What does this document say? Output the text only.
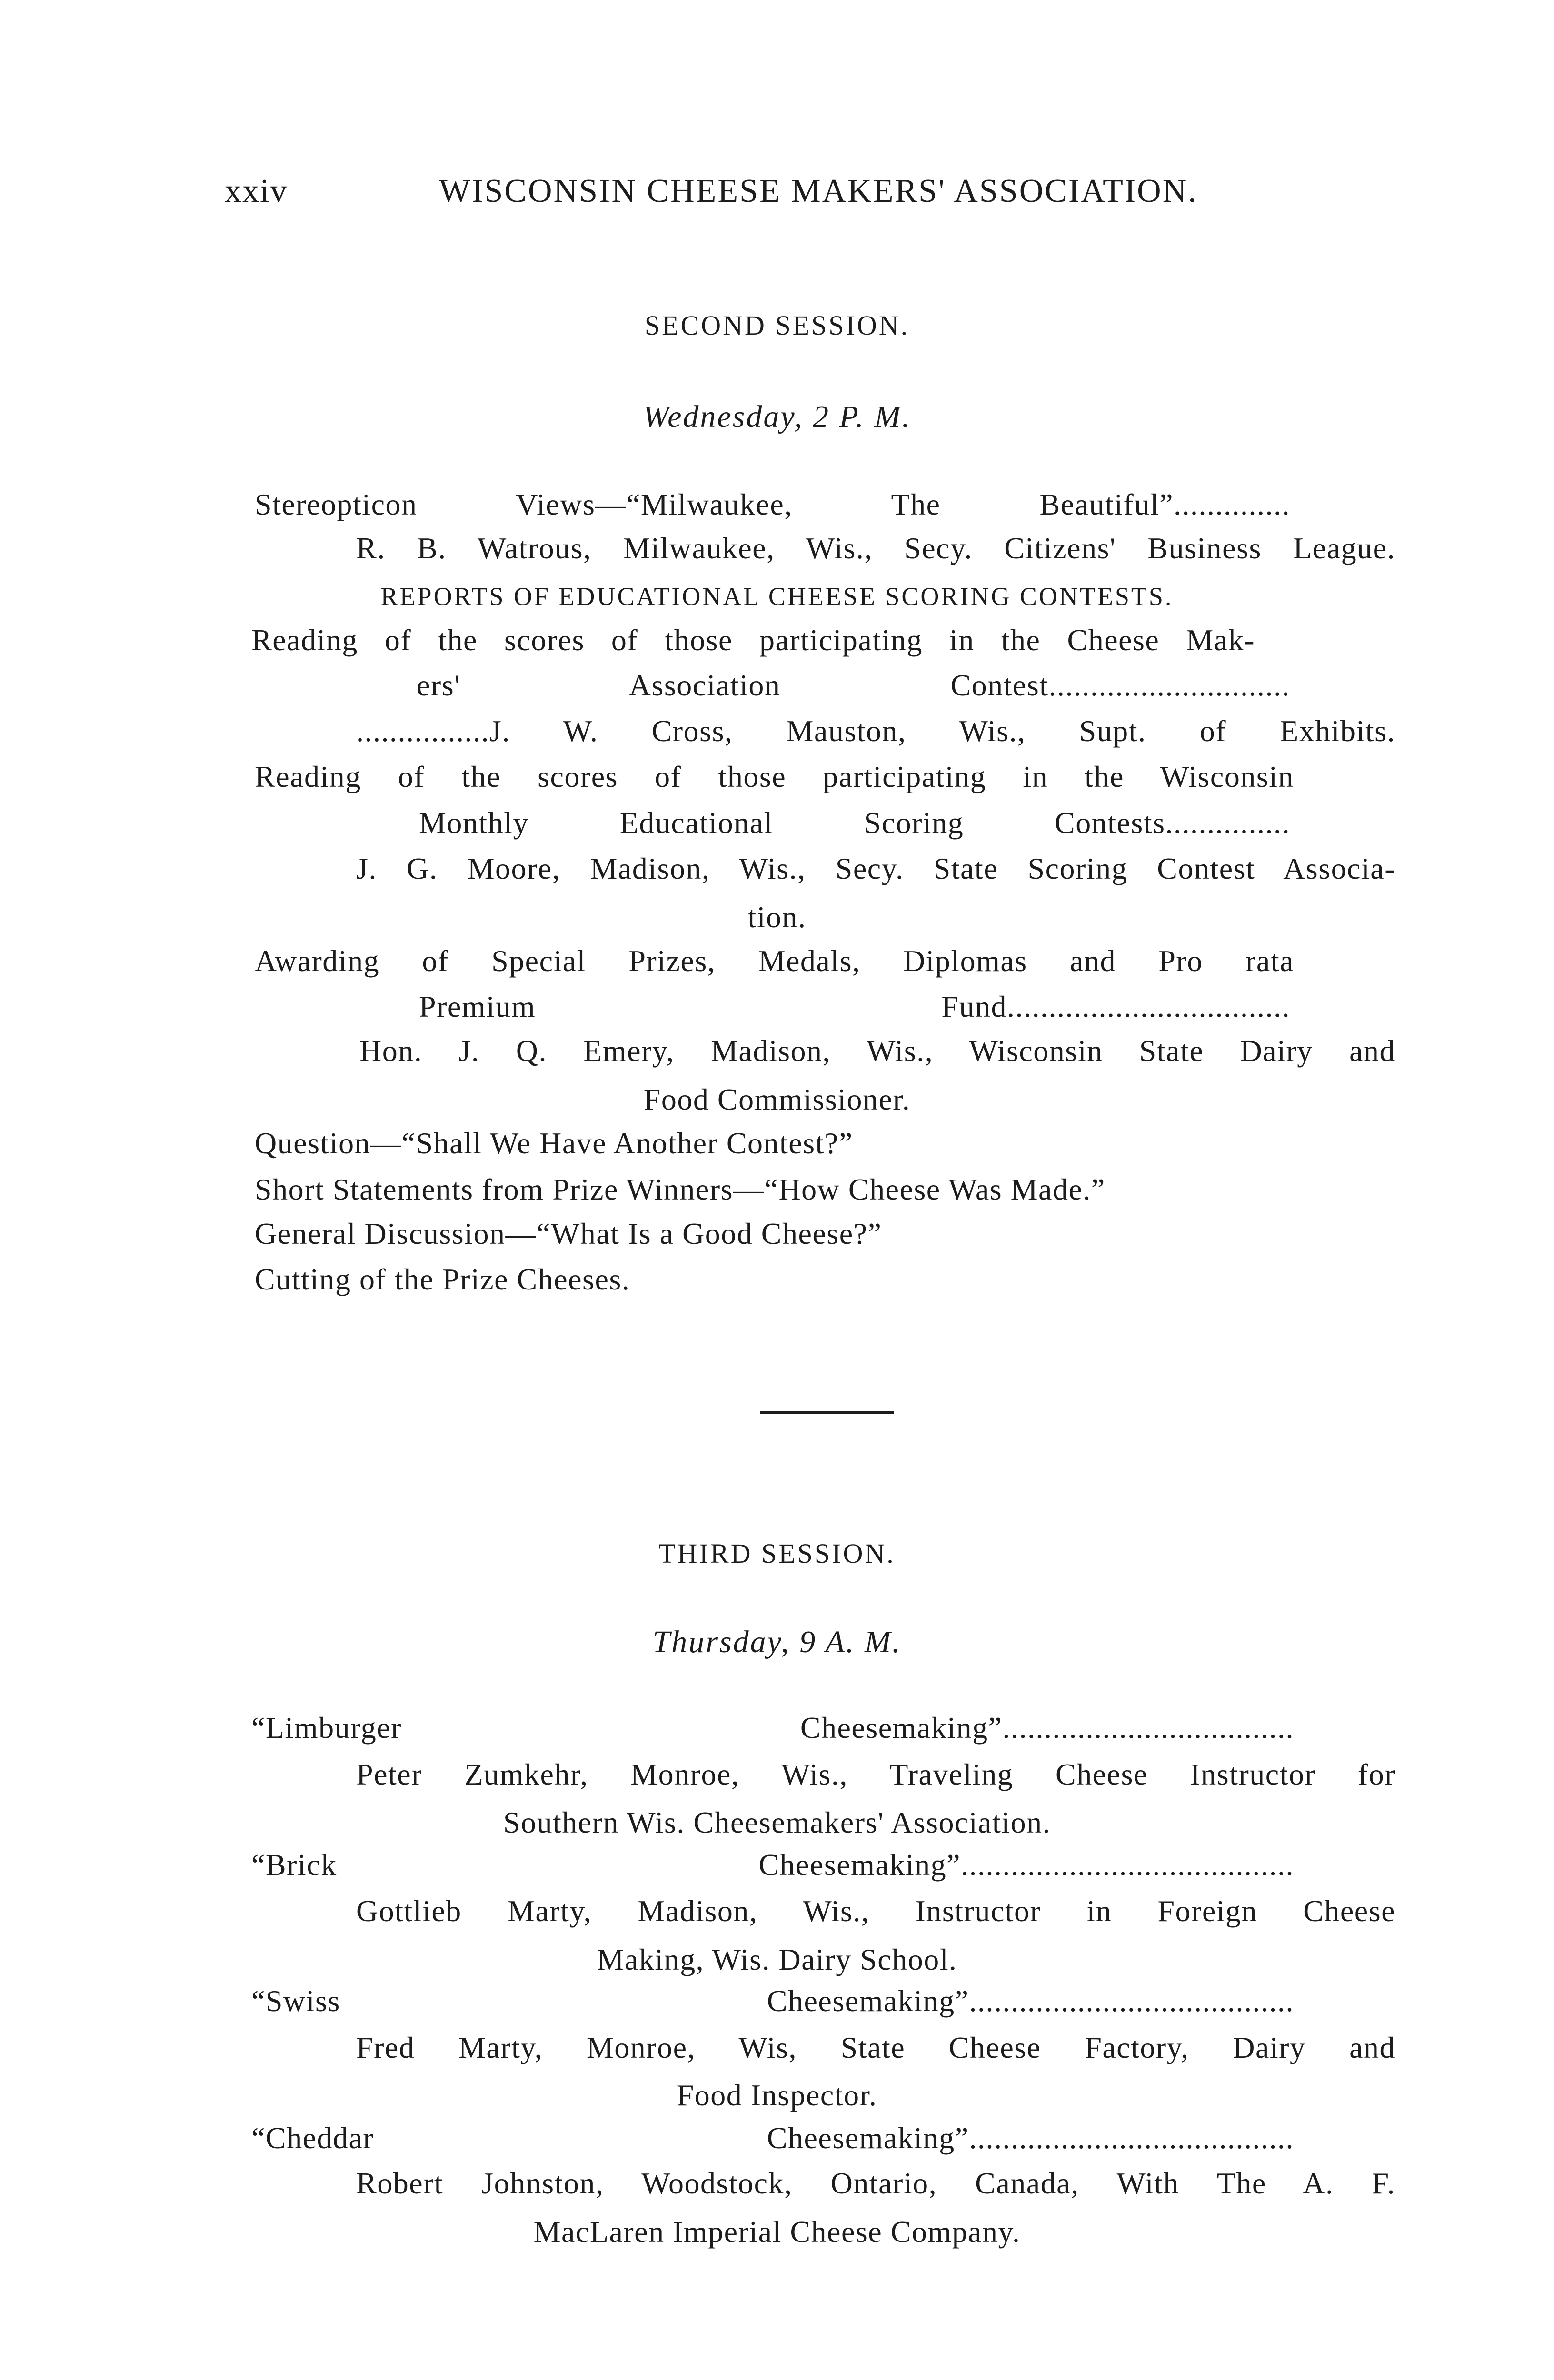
xxiv	WISCONSIN CHEESE MAKERS' ASSOCIATION.
SECOND SESSION.
Wednesday, 2 P. M.
Stereopticon Views—“Milwaukee, The Beautiful”..............
R. B. Watrous, Milwaukee, Wis., Secy. Citizens' Business League.
REPORTS OF EDUCATIONAL CHEESE SCORING CONTESTS.
Reading of the scores of those participating in the Cheese Mak-
ers' Association Contest.............................
................J. W. Cross, Mauston, Wis., Supt. of Exhibits.
Reading of the scores of those participating in the Wisconsin
Monthly Educational Scoring Contests...............
J. G. Moore, Madison, Wis., Secy. State Scoring Contest Associa-
tion.
Awarding of Special Prizes, Medals, Diplomas and Pro rata
Premium Fund..................................
Hon. J. Q. Emery, Madison, Wis., Wisconsin State Dairy and
Food Commissioner.
Question—“Shall We Have Another Contest?”
Short Statements from Prize Winners—“How Cheese Was Made.”
General Discussion—“What Is a Good Cheese?”
Cutting of the Prize Cheeses.
THIRD SESSION.
Thursday, 9 A. M.
“Limburger Cheesemaking”...................................
Peter Zumkehr, Monroe, Wis., Traveling Cheese Instructor for
Southern Wis. Cheesemakers' Association.
“Brick Cheesemaking”........................................
Gottlieb Marty, Madison, Wis., Instructor in Foreign Cheese
Making, Wis. Dairy School.
“Swiss Cheesemaking”.......................................
Fred Marty, Monroe, Wis, State Cheese Factory, Dairy and
Food Inspector.
“Cheddar Cheesemaking”.......................................
Robert Johnston, Woodstock, Ontario, Canada, With The A. F.
MacLaren Imperial Cheese Company.
